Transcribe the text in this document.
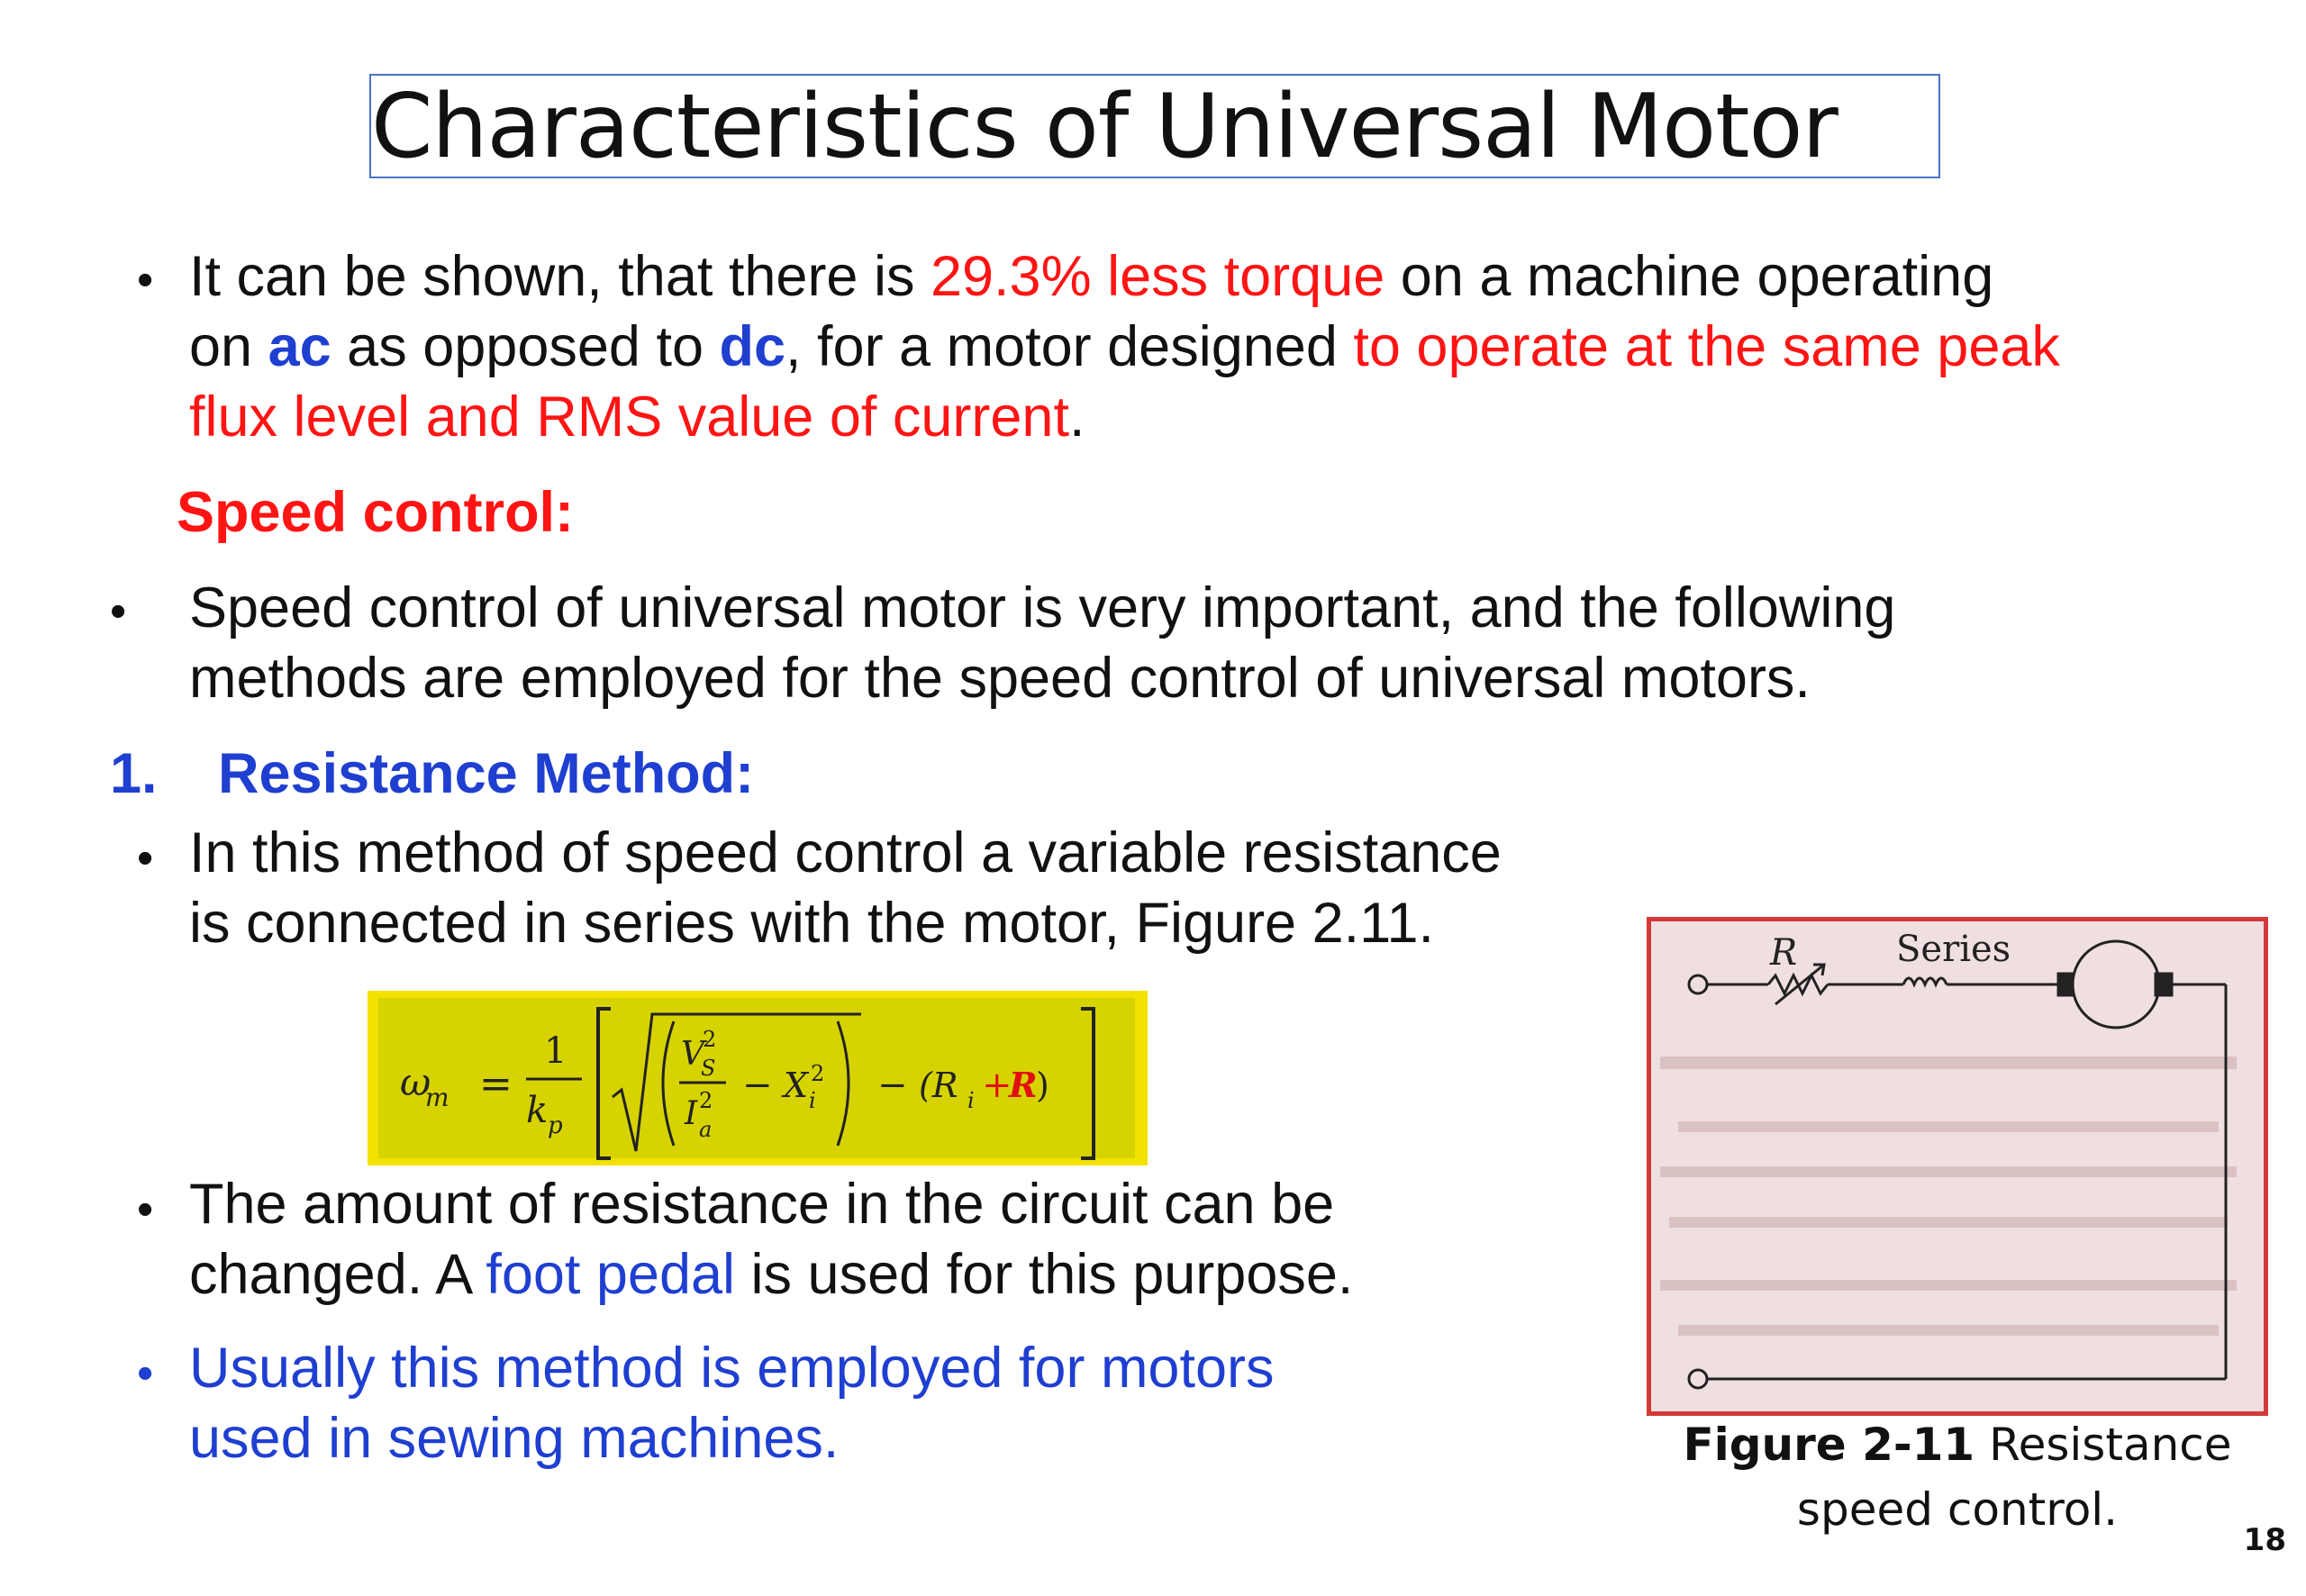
Characteristics of Universal Motor
• It can be shown, that there is 29.3% less torque on a machine operating
on ac as opposed to dc, for a motor designed to operate at the same peak
flux level and RMS value of current.
Speed control:
• Speed control of universal motor is very important, and the following
methods are employed for the speed control of universal motors.
1. Resistance Method:
• In this method of speed control a variable resistance
is connected in series with the motor, Figure 2.11.
ω
m =
1
k p
V
S
2
I a
2 − X i
2 − (R i +
R
)
• The amount of resistance in the circuit can be
changed. A foot pedal is used for this purpose.
• Usually this method is employed for motors
used in sewing machines.
R	Series
Figure 2-11 Resistance
speed control.
18
